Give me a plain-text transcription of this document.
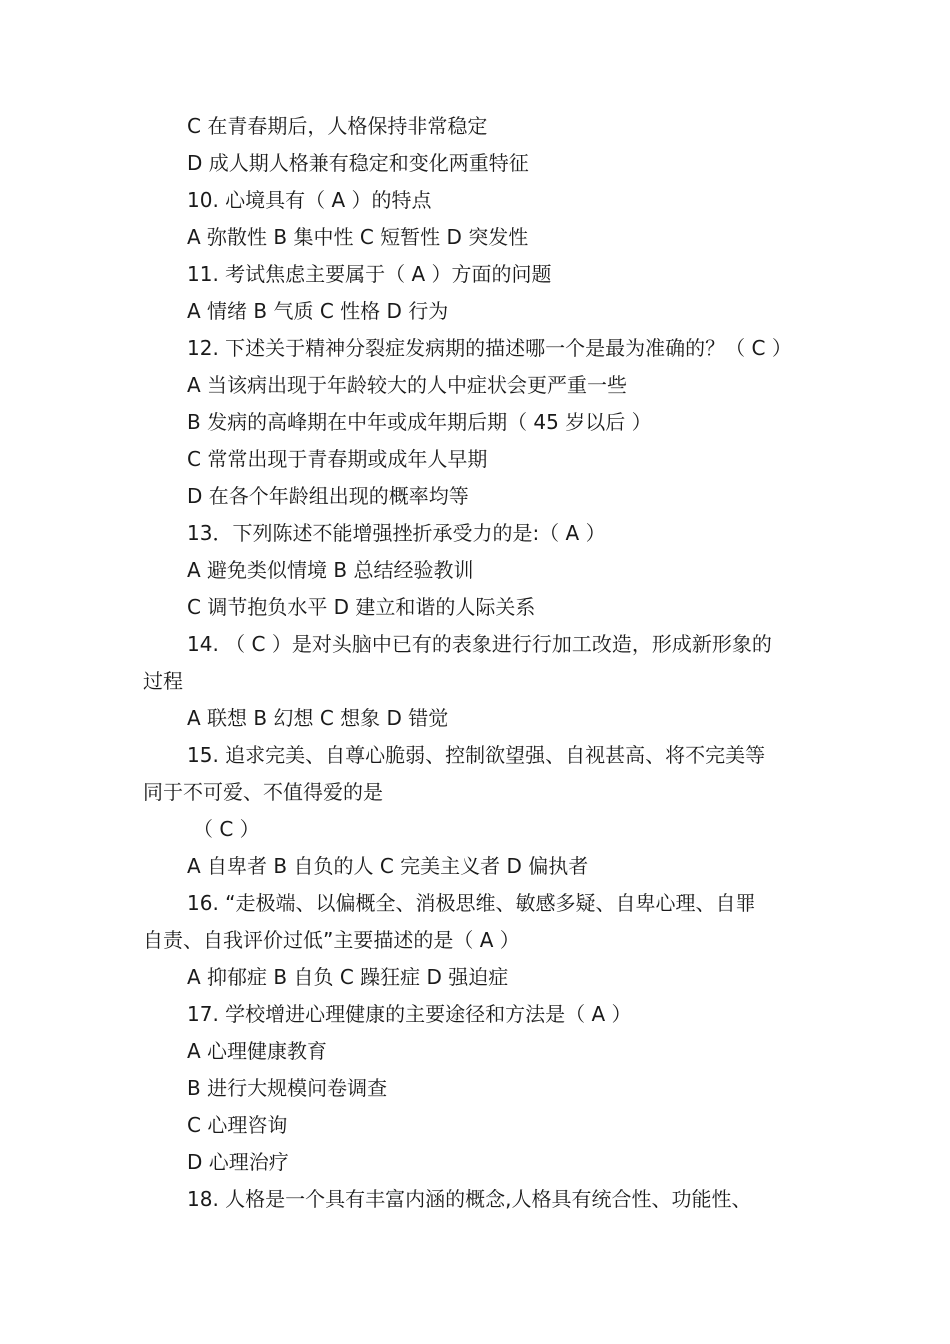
C 在青春期后，人格保持非常稳定
D 成人期人格兼有稳定和变化两重特征
10. 心境具有（ A ）的特点
A 弥散性 B 集中性 C 短暂性 D 突发性
11. 考试焦虑主要属于（ A ）方面的问题
A 情绪 B 气质 C 性格 D 行为
12. 下述关于精神分裂症发病期的描述哪一个是最为准确的？（ C ）
A 当该病出现于年龄较大的人中症状会更严重一些
B 发病的高峰期在中年或成年期后期（ 45 岁以后 ）
C 常常出现于青春期或成年人早期
D 在各个年龄组出现的概率均等
13．下列陈述不能增强挫折承受力的是:（ A ）
A 避免类似情境 B 总结经验教训
C 调节抱负水平 D 建立和谐的人际关系
14. （ C ）是对头脑中已有的表象进行行加工改造，形成新形象的
过程
A 联想 B 幻想 C 想象 D 错觉
15. 追求完美、自尊心脆弱、控制欲望强、自视甚高、将不完美等
同于不可爱、不值得爱的是
（ C ）
A 自卑者 B 自负的人 C 完美主义者 D 偏执者
16. “走极端、以偏概全、消极思维、敏感多疑、自卑心理、自罪
自责、自我评价过低”主要描述的是（ A ）
A 抑郁症 B 自负 C 躁狂症 D 强迫症
17. 学校增进心理健康的主要途径和方法是（ A ）
A 心理健康教育
B 进行大规模问卷调查
C 心理咨询
D 心理治疗
18. 人格是一个具有丰富内涵的概念,人格具有统合性、功能性、
